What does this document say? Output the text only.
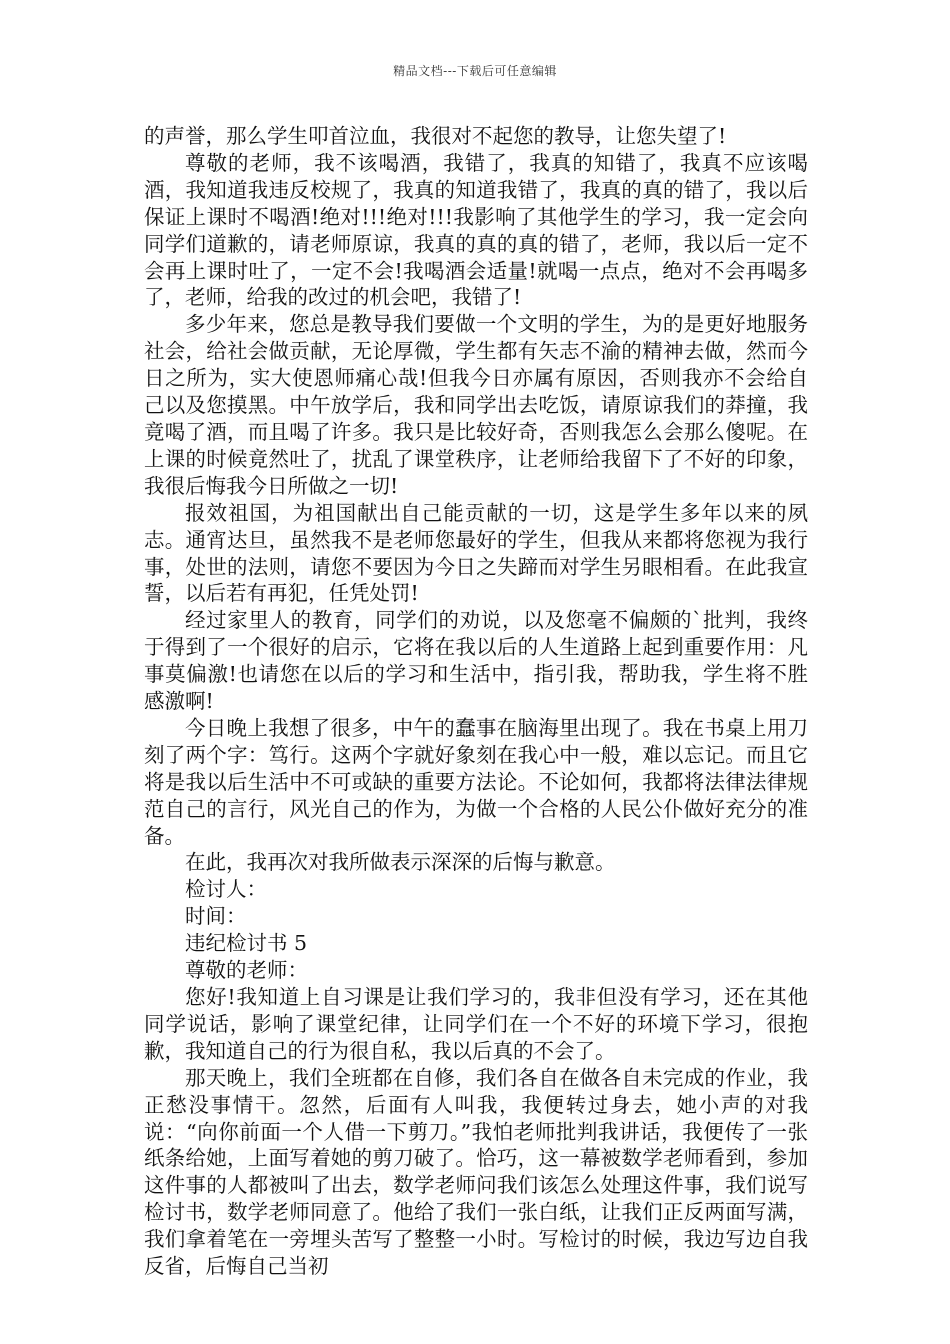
精品文档---下载后可任意编辑

的声誉，那么学生叩首泣血，我很对不起您的教导，让您失望了!

尊敬的老师，我不该喝酒，我错了，我真的知错了，我真不应该喝酒，我知道我违反校规了，我真的知道我错了，我真的真的错了，我以后保证上课时不喝酒!绝对!!!绝对!!!我影响了其他学生的学习，我一定会向同学们道歉的，请老师原谅，我真的真的真的错了，老师，我以后一定不会再上课时吐了，一定不会!我喝酒会适量!就喝一点点，绝对不会再喝多了，老师，给我的改过的机会吧，我错了!

多少年来，您总是教导我们要做一个文明的学生，为的是更好地服务社会，给社会做贡献，无论厚微，学生都有矢志不渝的精神去做，然而今日之所为，实大使恩师痛心哉!但我今日亦属有原因，否则我亦不会给自己以及您摸黑。中午放学后，我和同学出去吃饭，请原谅我们的莽撞，我竟喝了酒，而且喝了许多。我只是比较好奇，否则我怎么会那么傻呢。在上课的时候竟然吐了，扰乱了课堂秩序，让老师给我留下了不好的印象，我很后悔我今日所做之一切!

报效祖国，为祖国献出自己能贡献的一切，这是学生多年以来的夙志。通宵达旦，虽然我不是老师您最好的学生，但我从来都将您视为我行事，处世的法则，请您不要因为今日之失蹄而对学生另眼相看。在此我宣誓，以后若有再犯，任凭处罚!

经过家里人的教育，同学们的劝说，以及您毫不偏颇的`批判，我终于得到了一个很好的启示，它将在我以后的人生道路上起到重要作用：凡事莫偏激!也请您在以后的学习和生活中，指引我，帮助我，学生将不胜感激啊!

今日晚上我想了很多，中午的蠢事在脑海里出现了。我在书桌上用刀刻了两个字：笃行。这两个字就好象刻在我心中一般，难以忘记。而且它将是我以后生活中不可或缺的重要方法论。不论如何，我都将法律法律规范自己的言行，风光自己的作为，为做一个合格的人民公仆做好充分的准备。

在此，我再次对我所做表示深深的后悔与歉意。

检讨人：

时间：

违纪检讨书 5

尊敬的老师：

您好!我知道上自习课是让我们学习的，我非但没有学习，还在其他同学说话，影响了课堂纪律，让同学们在一个不好的环境下学习，很抱歉，我知道自己的行为很自私，我以后真的不会了。

那天晚上，我们全班都在自修，我们各自在做各自未完成的作业，我正愁没事情干。忽然，后面有人叫我，我便转过身去，她小声的对我说：“向你前面一个人借一下剪刀。”我怕老师批判我讲话，我便传了一张纸条给她，上面写着她的剪刀破了。恰巧，这一幕被数学老师看到，参加这件事的人都被叫了出去，数学老师问我们该怎么处理这件事，我们说写检讨书，数学老师同意了。他给了我们一张白纸，让我们正反两面写满，我们拿着笔在一旁埋头苦写了整整一小时。写检讨的时候，我边写边自我反省，后悔自己当初
